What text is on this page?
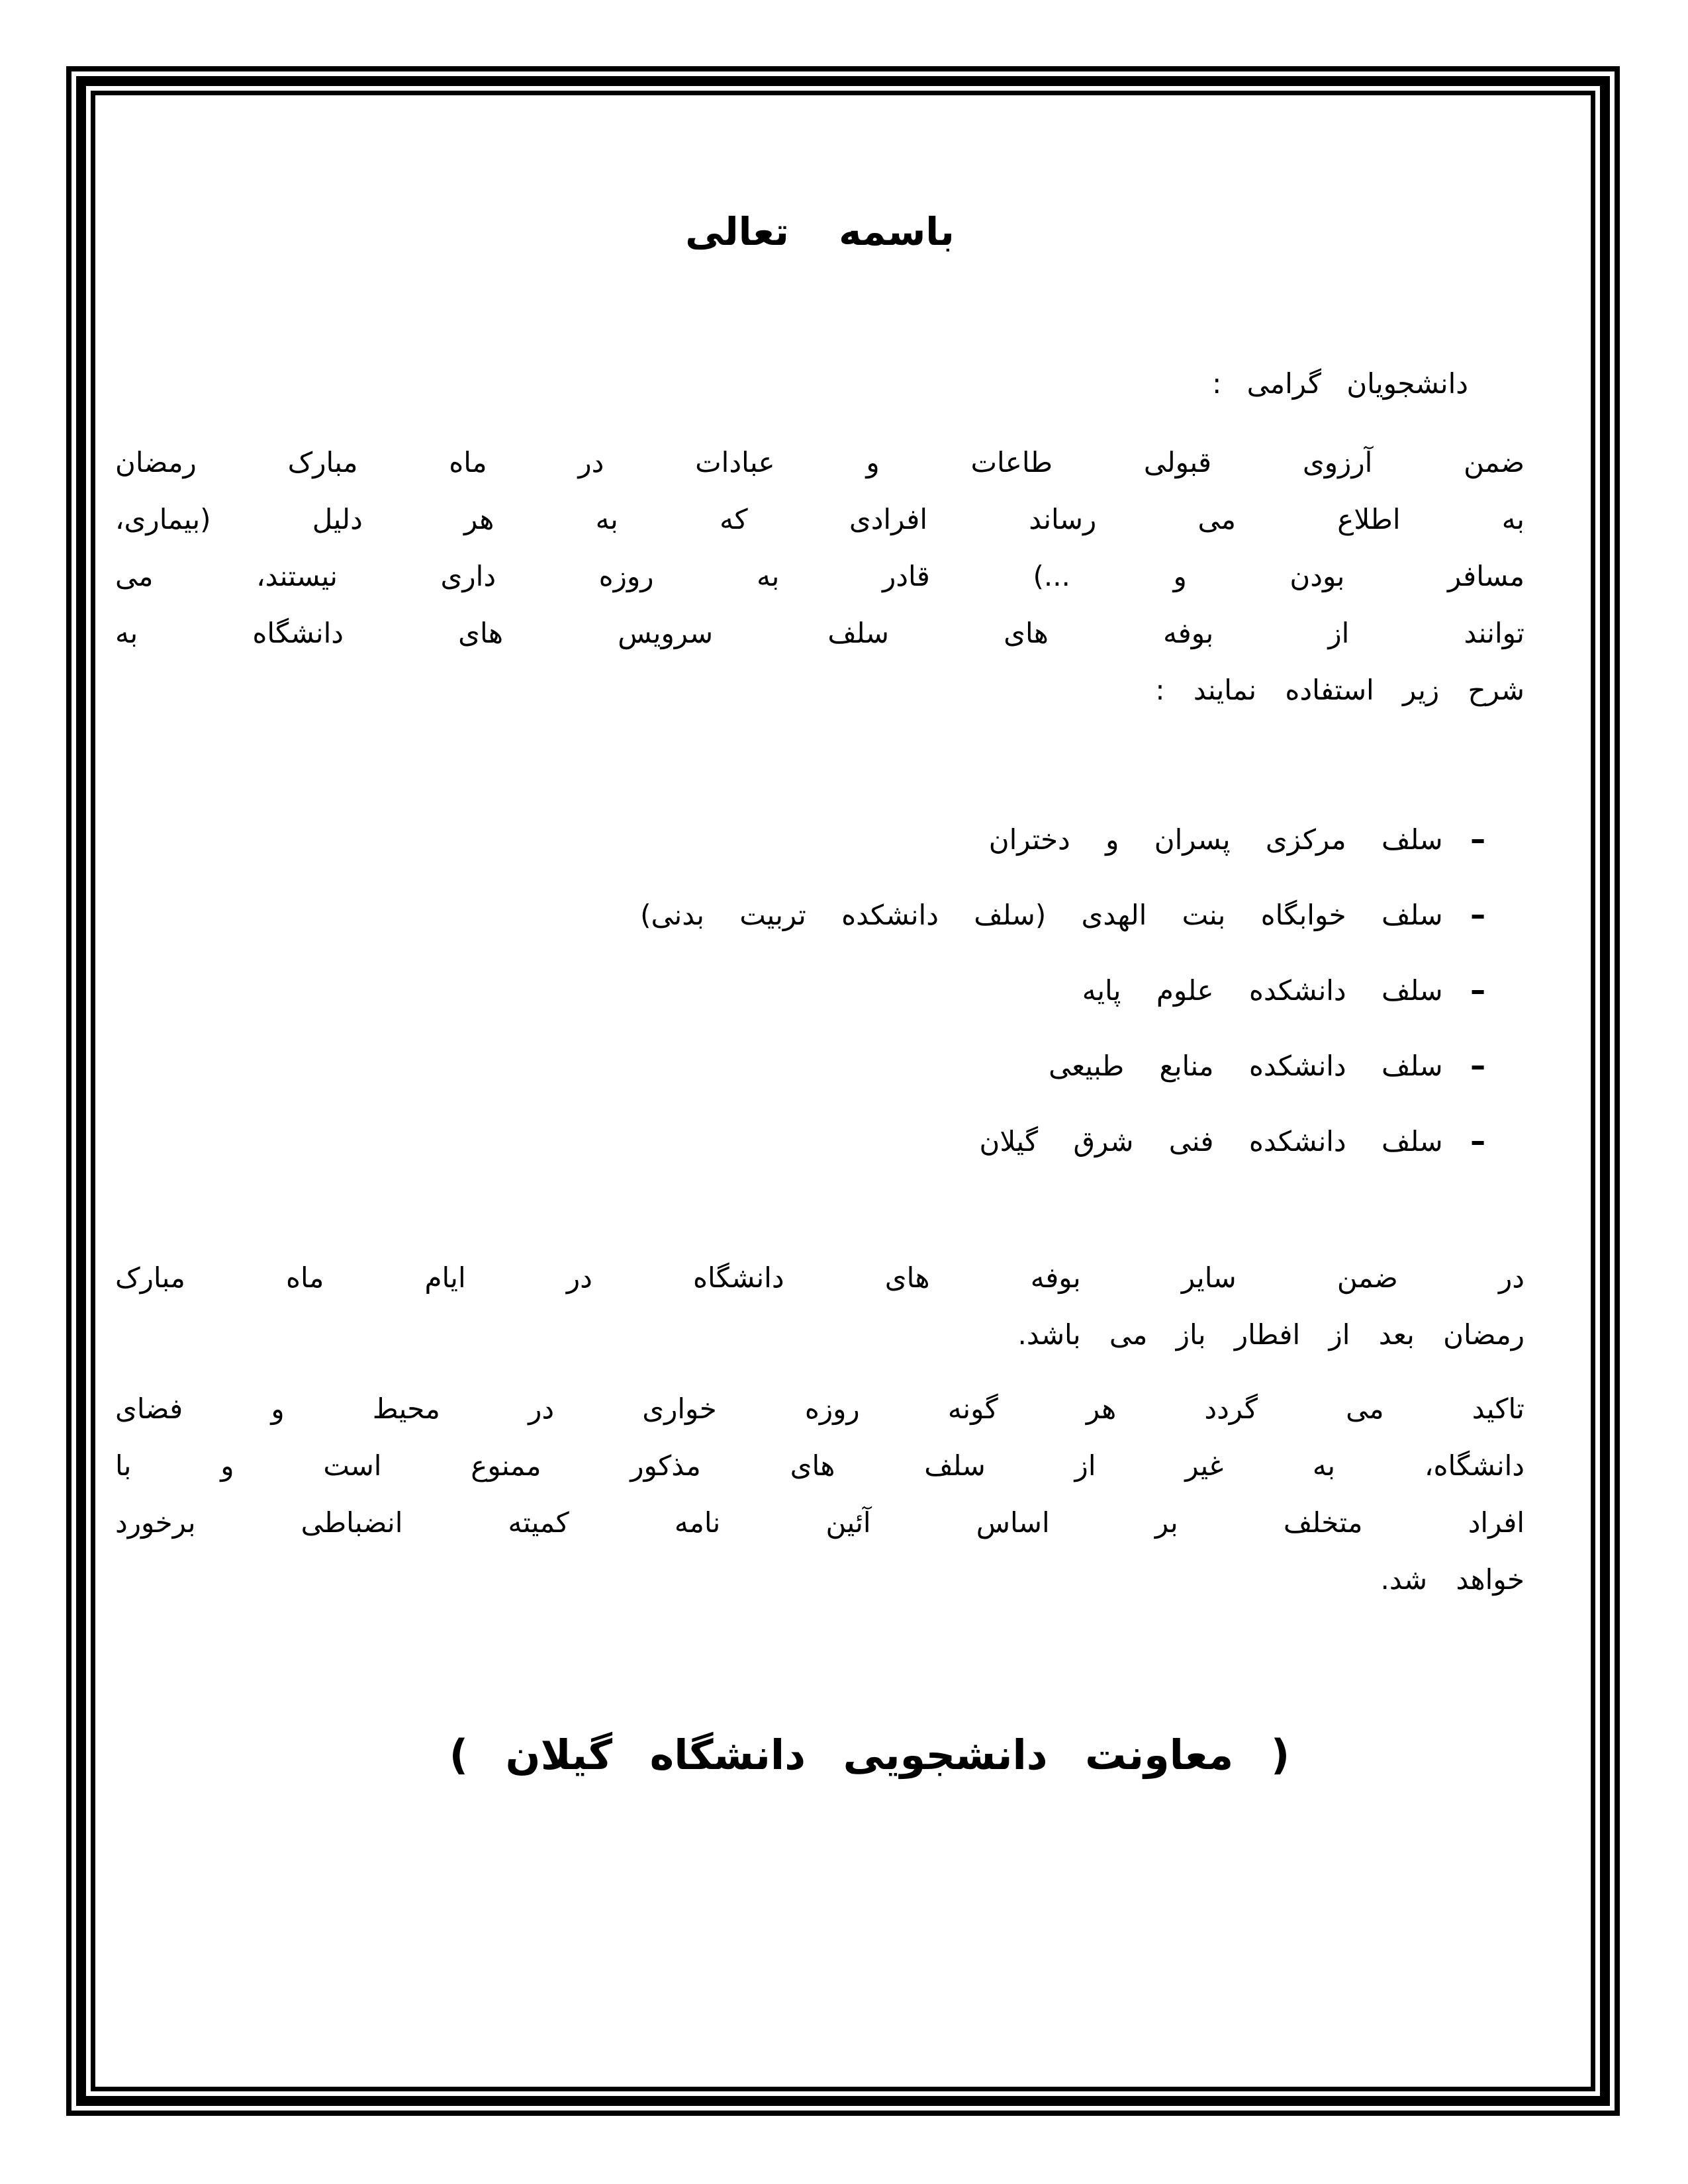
باسمه تعالی
دانشجویان گرامی :
ضمن آرزوی قبولی طاعات و عبادات در ماه مبارک رمضان
به اطلاع می رساند افرادی که به هر دلیل (بیماری،
مسافر بودن و ...) قادر به روزه داری نیستند، می
توانند از بوفه های سلف سرویس های دانشگاه به
شرح زیر استفاده نمایند :
-سلف مرکزی پسران و دختران
-سلف خوابگاه بنت الهدی (سلف دانشکده تربیت بدنی)
-سلف دانشکده علوم پایه
-سلف دانشکده منابع طبیعی
-سلف دانشکده فنی شرق گیلان
در ضمن سایر بوفه های دانشگاه در ایام ماه مبارک
رمضان بعد از افطار باز می باشد.
تاکید می گردد هر گونه روزه خواری در محیط و فضای
دانشگاه، به غیر از سلف های مذکور ممنوع است و با
افراد متخلف بر اساس آئین نامه کمیته انضباطی برخورد
خواهد شد.
( معاونت دانشجویی دانشگاه گیلان )
